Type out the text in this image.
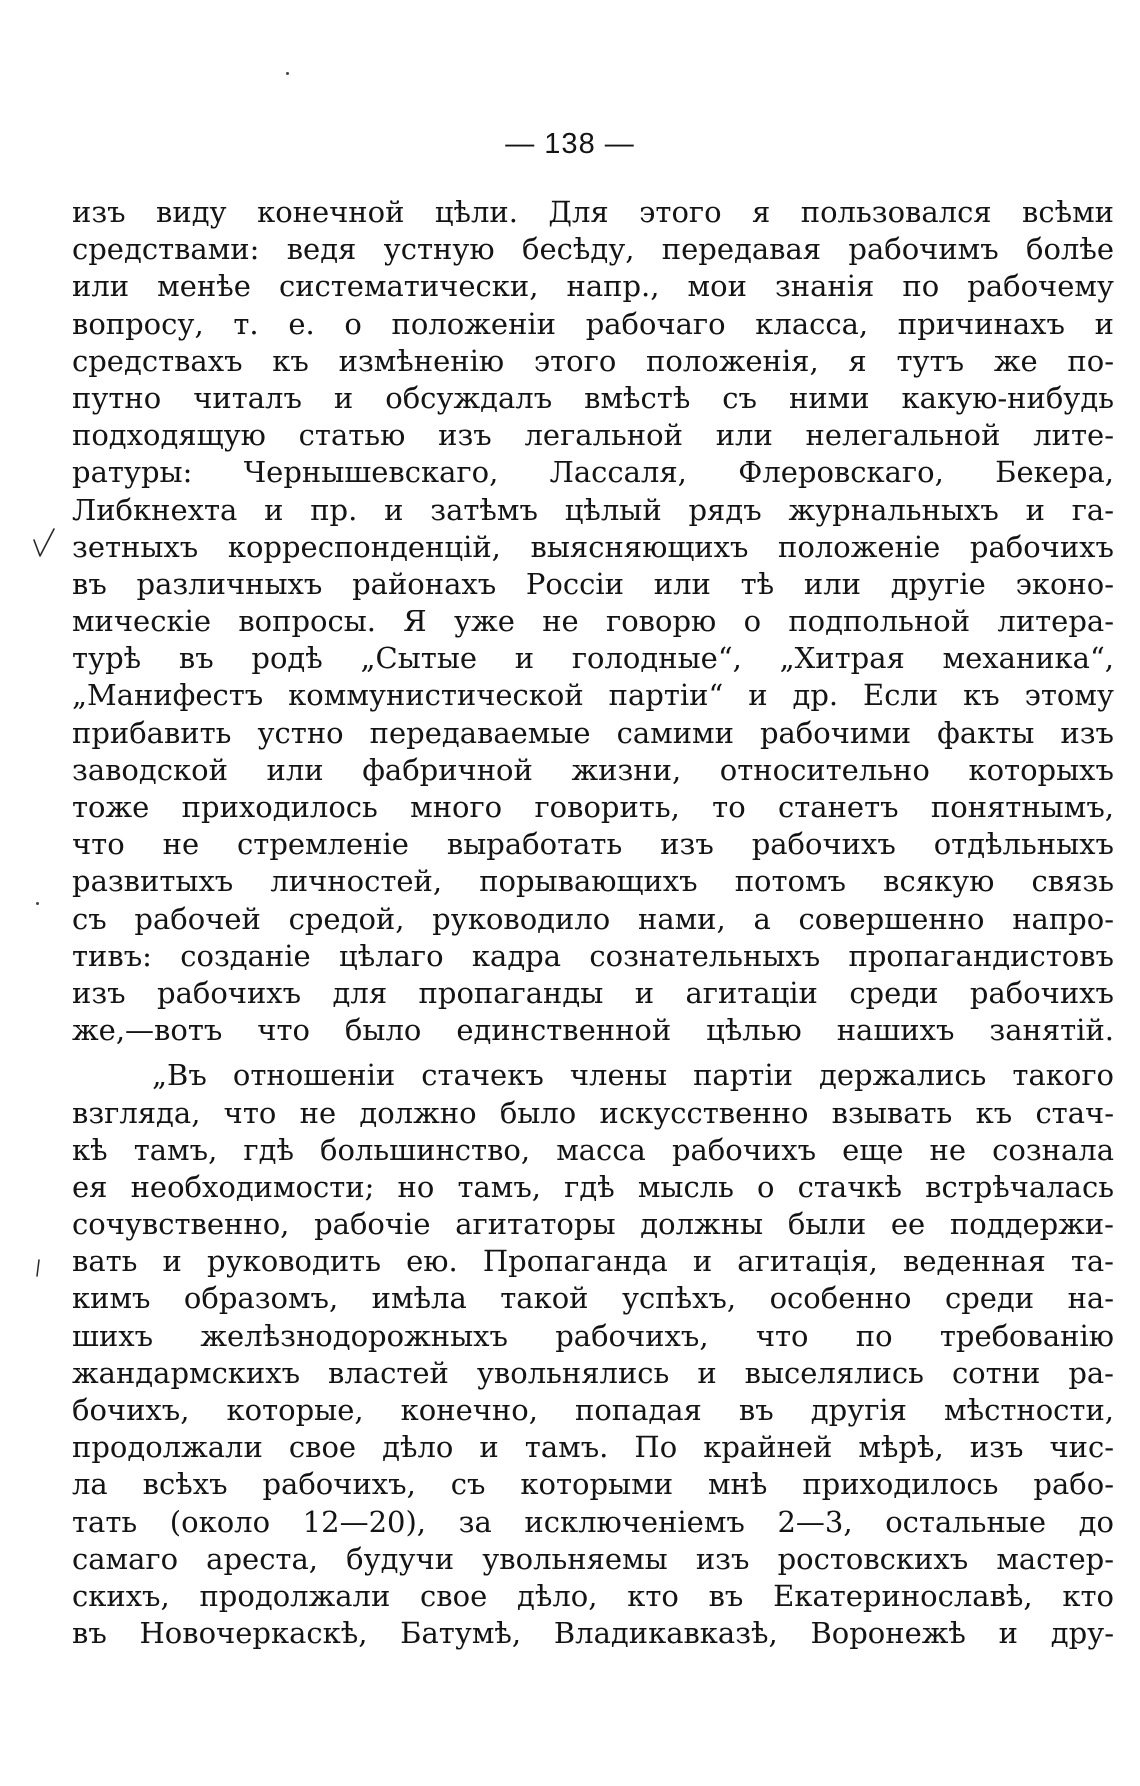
— 138 —
изъ виду конечной цѣли. Для этого я пользовался всѣми
средствами: ведя устную бесѣду, передавая рабочимъ болѣе
или менѣе систематически, напр., мои знанія по рабочему
вопросу, т. е. о положеніи рабочаго класса, причинахъ и
средствахъ къ измѣненію этого положенія, я тутъ же по-
путно читалъ и обсуждалъ вмѣстѣ съ ними какую-нибудь
подходящую статью изъ легальной или нелегальной лите-
ратуры: Чернышевскаго, Лассаля, Флеровскаго, Бекера,
Либкнехта и пр. и затѣмъ цѣлый рядъ журнальныхъ и га-
зетныхъ корреспонденцій, выясняющихъ положеніе рабочихъ
въ различныхъ районахъ Россіи или тѣ или другіе эконо-
мическіе вопросы. Я уже не говорю о подпольной литера-
турѣ въ родѣ „Сытые и голодные“, „Хитрая механика“,
„Манифестъ коммунистической партіи“ и др. Если къ этому
прибавить устно передаваемые самими рабочими факты изъ
заводской или фабричной жизни, относительно которыхъ
тоже приходилось много говорить, то станетъ понятнымъ,
что не стремленіе выработать изъ рабочихъ отдѣльныхъ
развитыхъ личностей, порывающихъ потомъ всякую связь
съ рабочей средой, руководило нами, а совершенно напро-
тивъ: созданіе цѣлаго кадра сознательныхъ пропагандистовъ
изъ рабочихъ для пропаганды и агитаціи среди рабочихъ
же,—вотъ что было единственной цѣлью нашихъ занятій.
„Въ отношеніи стачекъ члены партіи держались такого
взгляда, что не должно было искусственно взывать къ стач-
кѣ тамъ, гдѣ большинство, масса рабочихъ еще не сознала
ея необходимости; но тамъ, гдѣ мысль о стачкѣ встрѣчалась
сочувственно, рабочіе агитаторы должны были ее поддержи-
вать и руководить ею. Пропаганда и агитація, веденная та-
кимъ образомъ, имѣла такой успѣхъ, особенно среди на-
шихъ желѣзнодорожныхъ рабочихъ, что по требованію
жандармскихъ властей увольнялись и выселялись сотни ра-
бочихъ, которые, конечно, попадая въ другія мѣстности,
продолжали свое дѣло и тамъ. По крайней мѣрѣ, изъ чис-
ла всѣхъ рабочихъ, съ которыми мнѣ приходилось рабо-
тать (около 12—20), за исключеніемъ 2—3, остальные до
самаго ареста, будучи увольняемы изъ ростовскихъ мастер-
скихъ, продолжали свое дѣло, кто въ Екатеринославѣ, кто
въ Новочеркаскѣ, Батумѣ, Владикавказѣ, Воронежѣ и дру-
